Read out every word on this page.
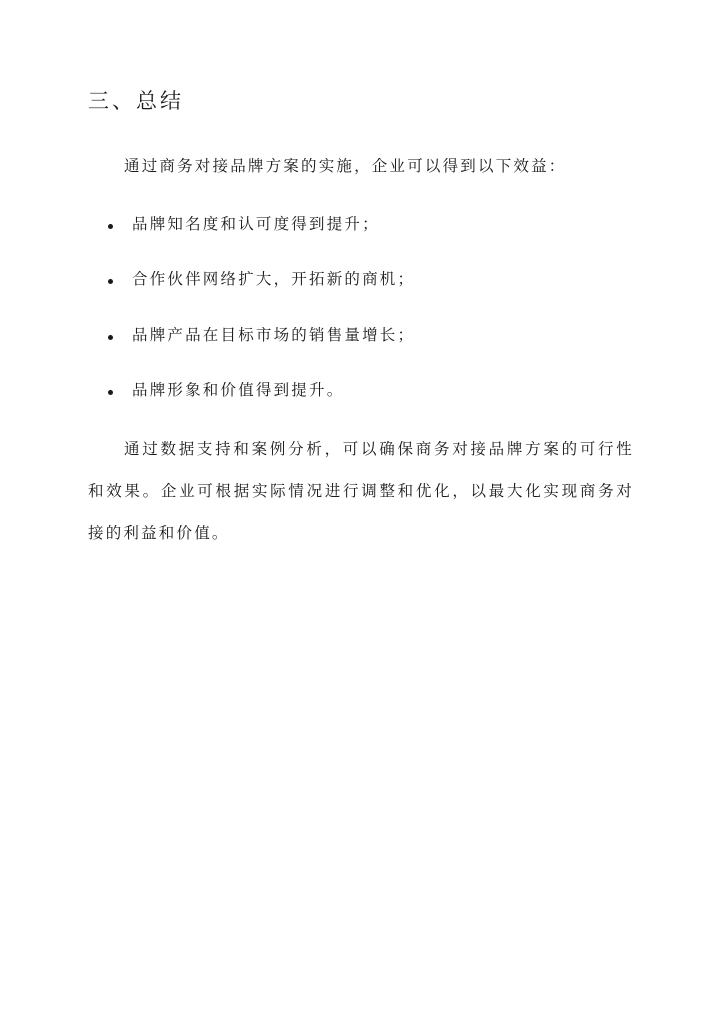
三、总结

通过商务对接品牌方案的实施，企业可以得到以下效益：

品牌知名度和认可度得到提升；
合作伙伴网络扩大，开拓新的商机；
品牌产品在目标市场的销售量增长；
品牌形象和价值得到提升。

通过数据支持和案例分析，可以确保商务对接品牌方案的可行性和效果。企业可根据实际情况进行调整和优化，以最大化实现商务对接的利益和价值。
